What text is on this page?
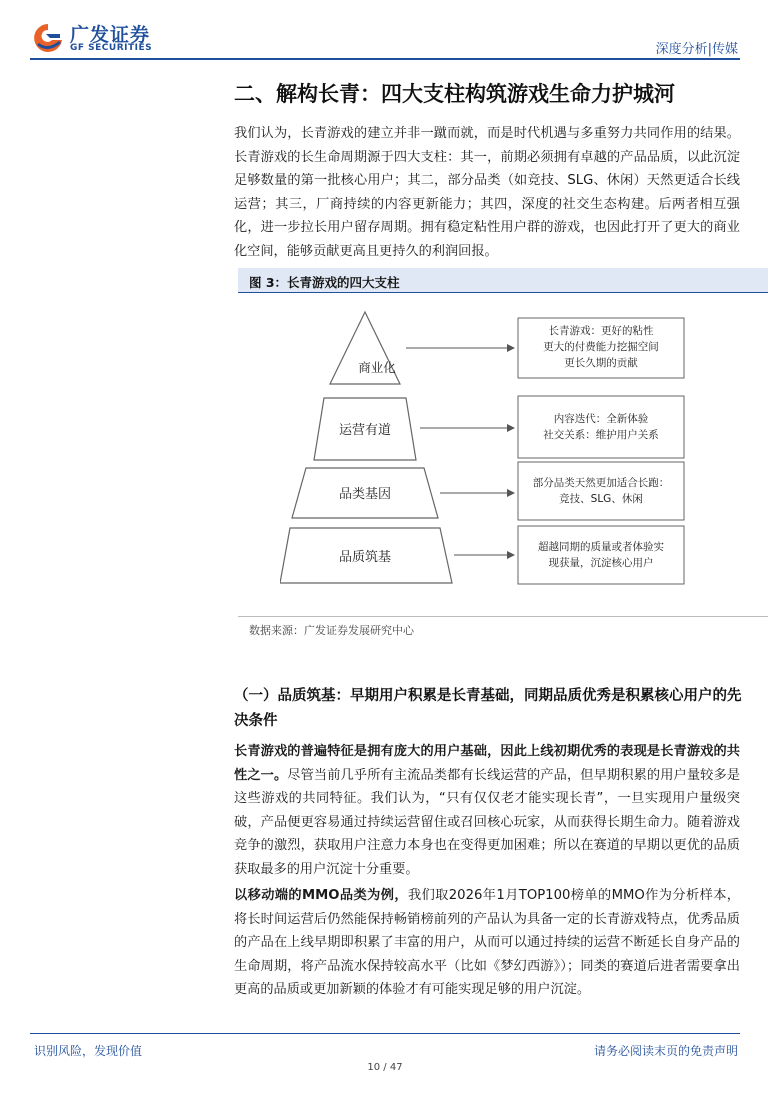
广发证券
GF SECURITIES	深度分析|传媒
二、解构长青：四大支柱构筑游戏生命力护城河
我们认为，长青游戏的建立并非一蹴而就，而是时代机遇与多重努力共同作用的结果。长青游戏的长生命周期源于四大支柱：其一，前期必须拥有卓越的产品品质，以此沉淀足够数量的第一批核心用户；其二，部分品类（如竞技、SLG、休闲）天然更适合长线运营；其三，厂商持续的内容更新能力；其四，深度的社交生态构建。后两者相互强化，进一步拉长用户留存周期。拥有稳定粘性用户群的游戏，也因此打开了更大的商业化空间，能够贡献更高且更持久的利润回报。
图 3：长青游戏的四大支柱
商业化
运营有道
品类基因
品质筑基
长青游戏：更好的粘性
更大的付费能力挖掘空间
更长久期的贡献
内容迭代：全新体验
社交关系：维护用户关系
部分品类天然更加适合长跑：
竞技、SLG、休闲
超越同期的质量或者体验实
现获量，沉淀核心用户
数据来源：广发证券发展研究中心
（一）品质筑基：早期用户积累是长青基础，同期品质优秀是积累核心用户的先决条件
长青游戏的普遍特征是拥有庞大的用户基础，因此上线初期优秀的表现是长青游戏的共性之一。尽管当前几乎所有主流品类都有长线运营的产品，但早期积累的用户量较多是这些游戏的共同特征。我们认为，“只有仅仅老才能实现长青”，一旦实现用户量级突破，产品便更容易通过持续运营留住或召回核心玩家，从而获得长期生命力。随着游戏竞争的激烈，获取用户注意力本身也在变得更加困难；所以在赛道的早期以更优的品质获取最多的用户沉淀十分重要。
以移动端的MMO品类为例，我们取2026年1月TOP100榜单的MMO作为分析样本，将长时间运营后仍然能保持畅销榜前列的产品认为具备一定的长青游戏特点，优秀品质的产品在上线早期即积累了丰富的用户，从而可以通过持续的运营不断延长自身产品的生命周期，将产品流水保持较高水平（比如《梦幻西游》）；同类的赛道后进者需要拿出更高的品质或更加新颖的体验才有可能实现足够的用户沉淀。
识别风险，发现价值	请务必阅读末页的免责声明
10 / 47
